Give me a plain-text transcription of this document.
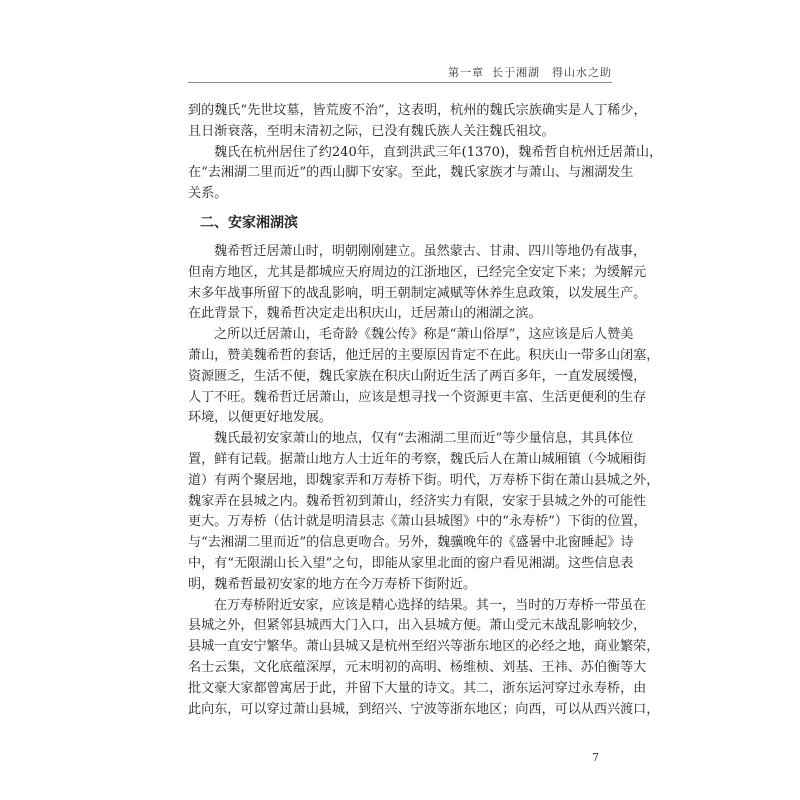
第一章 长于湘湖　得山水之助
到的魏氏“先世坟墓，皆荒废不治”，这表明，杭州的魏氏宗族确实是人丁稀少，
且日渐衰落，至明末清初之际，已没有魏氏族人关注魏氏祖坟。
魏氏在杭州居住了约240年，直到洪武三年(1370)，魏希哲自杭州迁居萧山，
在“去湘湖二里而近”的西山脚下安家。至此，魏氏家族才与萧山、与湘湖发生
关系。
二、安家湘湖滨
魏希哲迁居萧山时，明朝刚刚建立。虽然蒙古、甘肃、四川等地仍有战事，
但南方地区，尤其是都城应天府周边的江浙地区，已经完全安定下来；为缓解元
末多年战事所留下的战乱影响，明王朝制定减赋等休养生息政策，以发展生产。
在此背景下，魏希哲决定走出积庆山，迁居萧山的湘湖之滨。
之所以迁居萧山，毛奇龄《魏公传》称是“萧山俗厚”，这应该是后人赞美
萧山，赞美魏希哲的套话，他迁居的主要原因肯定不在此。积庆山一带多山闭塞，
资源匮乏，生活不便，魏氏家族在积庆山附近生活了两百多年，一直发展缓慢，
人丁不旺。魏希哲迁居萧山，应该是想寻找一个资源更丰富、生活更便利的生存
环境，以便更好地发展。
魏氏最初安家萧山的地点，仅有“去湘湖二里而近”等少量信息，其具体位
置，鲜有记载。据萧山地方人士近年的考察，魏氏后人在萧山城厢镇（今城厢街
道）有两个聚居地，即魏家弄和万寿桥下街。明代，万寿桥下街在萧山县城之外，
魏家弄在县城之内。魏希哲初到萧山，经济实力有限，安家于县城之外的可能性
更大。万寿桥（估计就是明清县志《萧山县城图》中的“永寿桥”）下街的位置，
与“去湘湖二里而近”的信息更吻合。另外，魏骥晚年的《盛暑中北窗睡起》诗
中，有“无限湖山长入望”之句，即能从家里北面的窗户看见湘湖。这些信息表
明，魏希哲最初安家的地方在今万寿桥下街附近。
在万寿桥附近安家，应该是精心选择的结果。其一，当时的万寿桥一带虽在
县城之外，但紧邻县城西大门入口，出入县城方便。萧山受元末战乱影响较少，
县城一直安宁繁华。萧山县城又是杭州至绍兴等浙东地区的必经之地，商业繁荣，
名士云集，文化底蕴深厚，元末明初的高明、杨维桢、刘基、王祎、苏伯衡等大
批文豪大家都曾寓居于此，并留下大量的诗文。其二，浙东运河穿过永寿桥，由
此向东，可以穿过萧山县城，到绍兴、宁波等浙东地区；向西，可以从西兴渡口，
7
